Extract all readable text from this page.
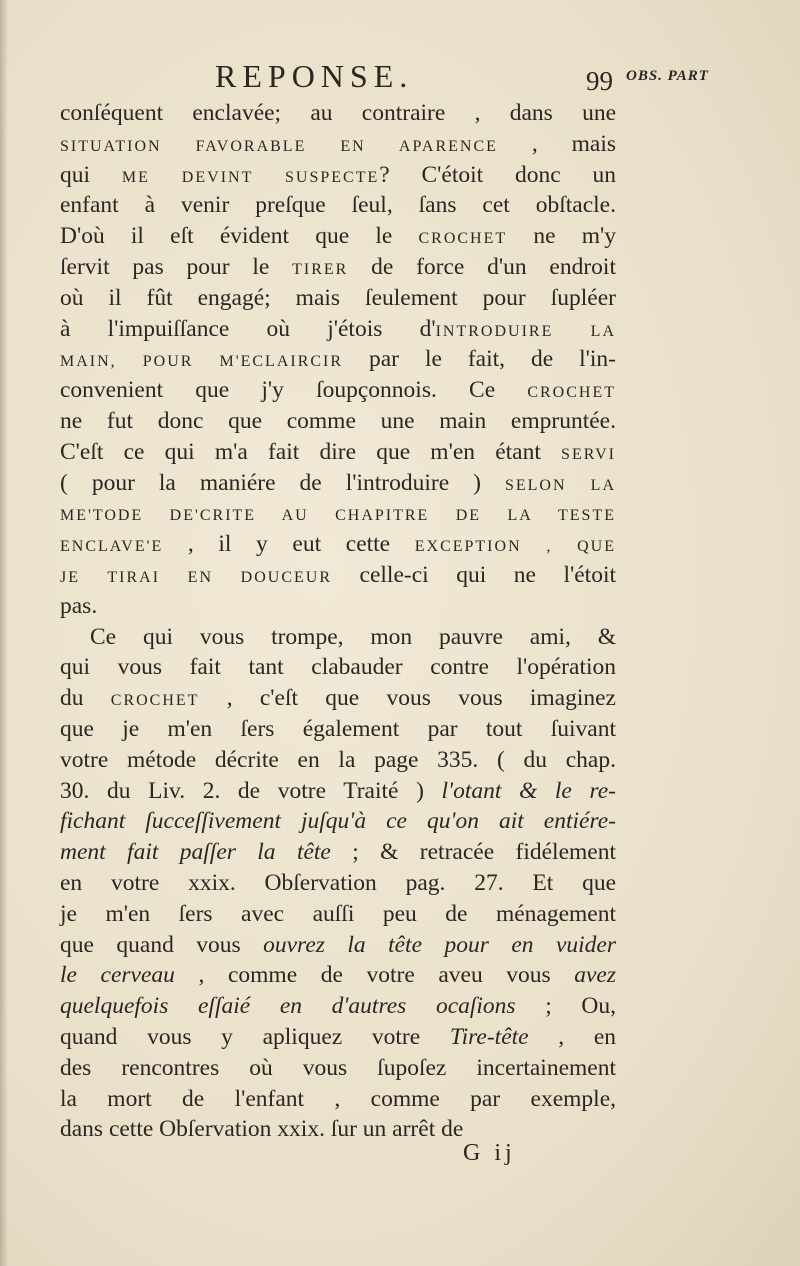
REPONSE.	99 OBS. PART
conſéquent enclavée; au contraire , dans une
SITUATION FAVORABLE EN APARENCE , mais
qui ME DEVINT SUSPECTE? C'étoit donc un
enfant à venir preſque ſeul, ſans cet obſtacle.
D'où il eſt évident que le CROCHET ne m'y
ſervit pas pour le TIRER de force d'un endroit
où il fût engagé; mais ſeulement pour ſupléer
à l'impuiſſance où j'étois d'INTRODUIRE LA
MAIN, POUR M'ECLAIRCIR par le fait, de l'in-
convenient que j'y ſoupçonnois. Ce CROCHET
ne fut donc que comme une main empruntée.
C'eſt ce qui m'a fait dire que m'en étant SERVI
( pour la maniére de l'introduire ) SELON LA
ME'TODE DE'CRITE AU CHAPITRE DE LA TESTE
ENCLAVE'E , il y eut cette EXCEPTION , QUE
JE TIRAI EN DOUCEUR celle-ci qui ne l'étoit
pas.
Ce qui vous trompe, mon pauvre ami, &
qui vous fait tant clabauder contre l'opération
du CROCHET , c'eſt que vous vous imaginez
que je m'en ſers également par tout ſuivant
votre métode décrite en la page 335. ( du chap.
30. du Liv. 2. de votre Traité ) l'otant & le re-
fichant ſucceſſivement juſqu'à ce qu'on ait entiére-
ment fait paſſer la tête ; & retracée fidélement
en votre xxix. Obſervation pag. 27. Et que
je m'en ſers avec auſſi peu de ménagement
que quand vous ouvrez la tête pour en vuider
le cerveau , comme de votre aveu vous avez
quelquefois eſſaié en d'autres ocaſions ; Ou,
quand vous y apliquez votre Tire-tête , en
des rencontres où vous ſupoſez incertainement
la mort de l'enfant , comme par exemple,
dans cette Obſervation xxix. ſur un arrêt de
G ij
